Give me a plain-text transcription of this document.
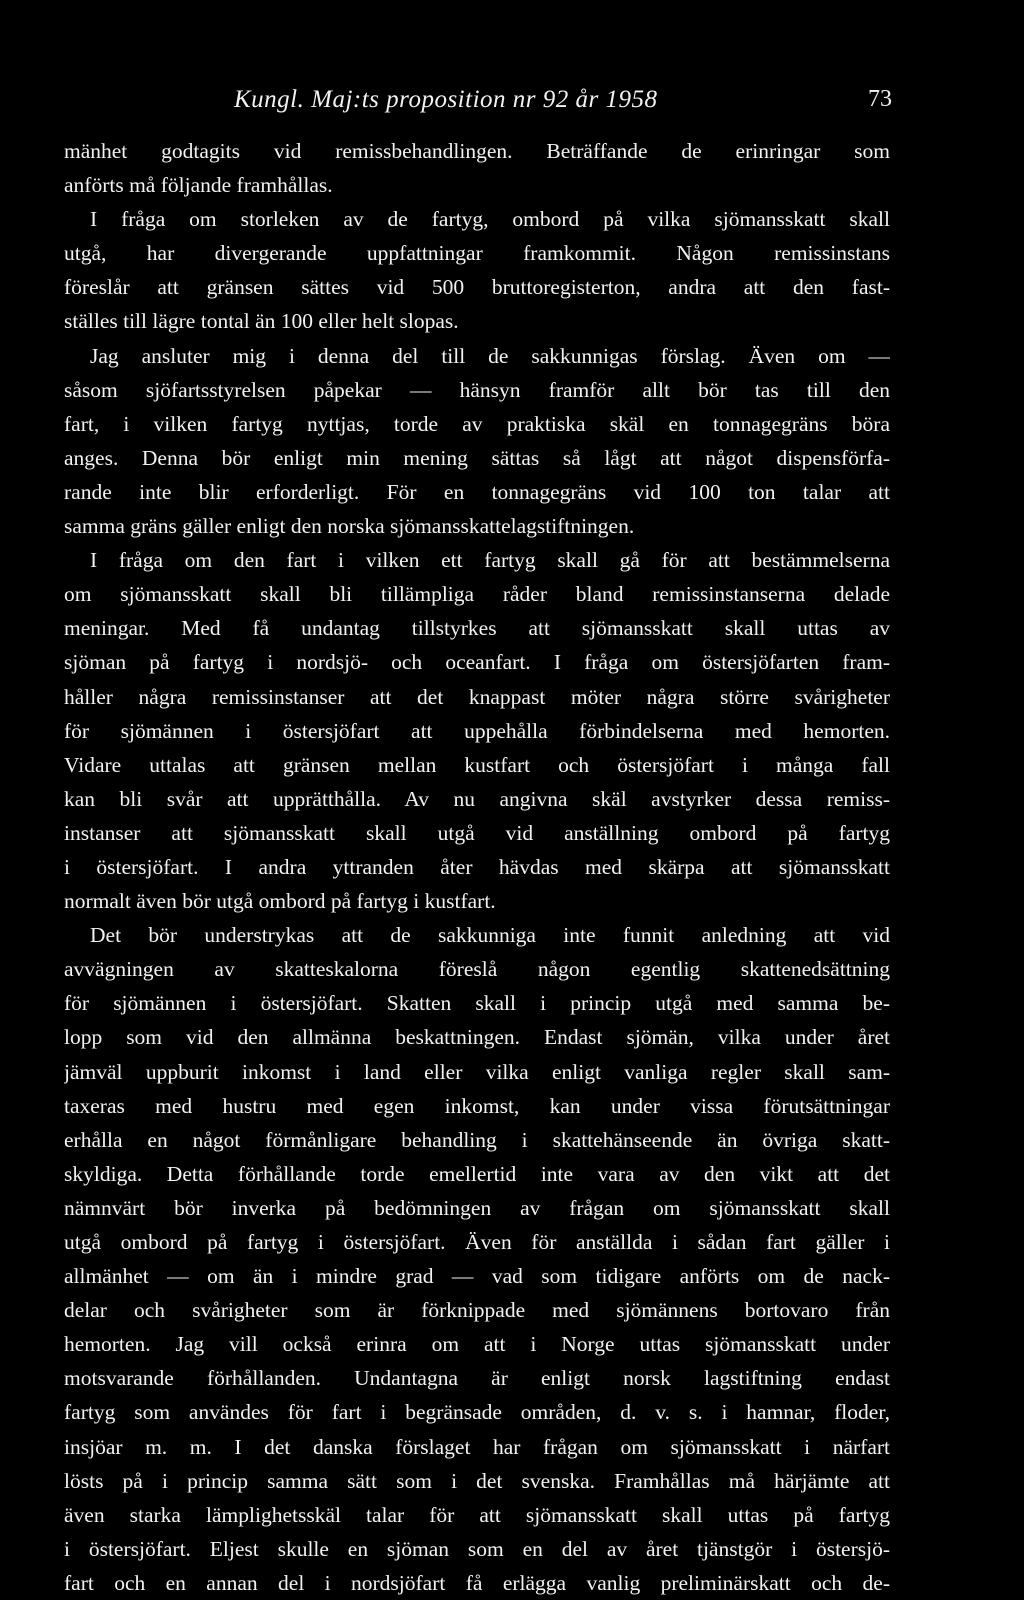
Kungl. Maj:ts proposition nr 92 år 1958	73
mänhet godtagits vid remissbehandlingen. Beträffande de erinringar som
anförts må följande framhållas.
I fråga om storleken av de fartyg, ombord på vilka sjömansskatt skall
utgå, har divergerande uppfattningar framkommit. Någon remissinstans
föreslår att gränsen sättes vid 500 bruttoregisterton, andra att den fast-
ställes till lägre tontal än 100 eller helt slopas.
Jag ansluter mig i denna del till de sakkunnigas förslag. Även om —
såsom sjöfartsstyrelsen påpekar — hänsyn framför allt bör tas till den
fart, i vilken fartyg nyttjas, torde av praktiska skäl en tonnagegräns böra
anges. Denna bör enligt min mening sättas så lågt att något dispensförfa-
rande inte blir erforderligt. För en tonnagegräns vid 100 ton talar att
samma gräns gäller enligt den norska sjömansskattelagstiftningen.
I fråga om den fart i vilken ett fartyg skall gå för att bestämmelserna
om sjömansskatt skall bli tillämpliga råder bland remissinstanserna delade
meningar. Med få undantag tillstyrkes att sjömansskatt skall uttas av
sjöman på fartyg i nordsjö- och oceanfart. I fråga om östersjöfarten fram-
håller några remissinstanser att det knappast möter några större svårigheter
för sjömännen i östersjöfart att uppehålla förbindelserna med hemorten.
Vidare uttalas att gränsen mellan kustfart och östersjöfart i många fall
kan bli svår att upprätthålla. Av nu angivna skäl avstyrker dessa remiss-
instanser att sjömansskatt skall utgå vid anställning ombord på fartyg
i östersjöfart. I andra yttranden åter hävdas med skärpa att sjömansskatt
normalt även bör utgå ombord på fartyg i kustfart.
Det bör understrykas att de sakkunniga inte funnit anledning att vid
avvägningen av skatteskalorna föreslå någon egentlig skattenedsättning
för sjömännen i östersjöfart. Skatten skall i princip utgå med samma be-
lopp som vid den allmänna beskattningen. Endast sjömän, vilka under året
jämväl uppburit inkomst i land eller vilka enligt vanliga regler skall sam-
taxeras med hustru med egen inkomst, kan under vissa förutsättningar
erhålla en något förmånligare behandling i skattehänseende än övriga skatt-
skyldiga. Detta förhållande torde emellertid inte vara av den vikt att det
nämnvärt bör inverka på bedömningen av frågan om sjömansskatt skall
utgå ombord på fartyg i östersjöfart. Även för anställda i sådan fart gäller i
allmänhet — om än i mindre grad — vad som tidigare anförts om de nack-
delar och svårigheter som är förknippade med sjömännens bortovaro från
hemorten. Jag vill också erinra om att i Norge uttas sjömansskatt under
motsvarande förhållanden. Undantagna är enligt norsk lagstiftning endast
fartyg som användes för fart i begränsade områden, d. v. s. i hamnar, floder,
insjöar m. m. I det danska förslaget har frågan om sjömansskatt i närfart
lösts på i princip samma sätt som i det svenska. Framhållas må härjämte att
även starka lämplighetsskäl talar för att sjömansskatt skall uttas på fartyg
i östersjöfart. Eljest skulle en sjöman som en del av året tjänstgör i östersjö-
fart och en annan del i nordsjöfart få erlägga vanlig preliminärskatt och de-
